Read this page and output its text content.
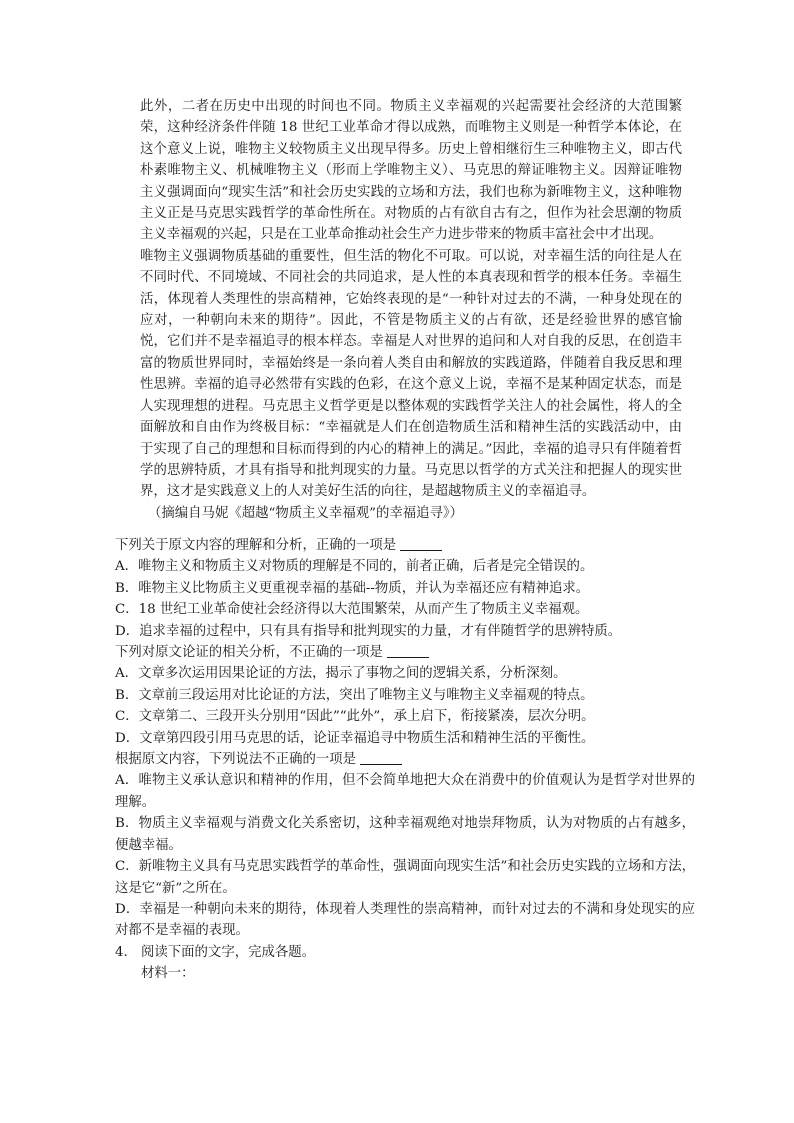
此外，二者在历史中出现的时间也不同。物质主义幸福观的兴起需要社会经济的大范围繁荣，这种经济条件伴随 18 世纪工业革命才得以成熟，而唯物主义则是一种哲学本体论，在这个意义上说，唯物主义较物质主义出现早得多。历史上曾相继衍生三种唯物主义，即古代朴素唯物主义、机械唯物主义（形而上学唯物主义）、马克思的辩证唯物主义。因辩证唯物主义强调面向“现实生活”和社会历史实践的立场和方法，我们也称为新唯物主义，这种唯物主义正是马克思实践哲学的革命性所在。对物质的占有欲自古有之，但作为社会思潮的物质主义幸福观的兴起，只是在工业革命推动社会生产力进步带来的物质丰富社会中才出现。

唯物主义强调物质基础的重要性，但生活的物化不可取。可以说，对幸福生活的向往是人在不同时代、不同境域、不同社会的共同追求，是人性的本真表现和哲学的根本任务。幸福生活，体现着人类理性的崇高精神，它始终表现的是“一种针对过去的不满，一种身处现在的应对，一种朝向未来的期待”。因此，不管是物质主义的占有欲，还是经验世界的感官愉悦，它们并不是幸福追寻的根本样态。幸福是人对世界的追问和人对自我的反思，在创造丰富的物质世界同时，幸福始终是一条向着人类自由和解放的实践道路，伴随着自我反思和理性思辨。幸福的追寻必然带有实践的色彩，在这个意义上说，幸福不是某种固定状态，而是人实现理想的进程。马克思主义哲学更是以整体观的实践哲学关注人的社会属性，将人的全面解放和自由作为终极目标：“幸福就是人们在创造物质生活和精神生活的实践活动中，由于实现了自己的理想和目标而得到的内心的精神上的满足。”因此，幸福的追寻只有伴随着哲学的思辨特质，才具有指导和批判现实的力量。马克思以哲学的方式关注和把握人的现实世界，这才是实践意义上的人对美好生活的向往，是超越物质主义的幸福追寻。

（摘编自马妮《超越“物质主义幸福观”的幸福追寻》）

下列关于原文内容的理解和分析，正确的一项是

A．唯物主义和物质主义对物质的理解是不同的，前者正确，后者是完全错误的。

B．唯物主义比物质主义更重视幸福的基础--物质，并认为幸福还应有精神追求。

C．18 世纪工业革命使社会经济得以大范围繁荣，从而产生了物质主义幸福观。

D．追求幸福的过程中，只有具有指导和批判现实的力量，才有伴随哲学的思辨特质。

下列对原文论证的相关分析，不正确的一项是

A．文章多次运用因果论证的方法，揭示了事物之间的逻辑关系，分析深刻。

B．文章前三段运用对比论证的方法，突出了唯物主义与唯物主义幸福观的特点。

C．文章第二、三段开头分别用“因此”“此外”，承上启下，衔接紧凑，层次分明。

D．文章第四段引用马克思的话，论证幸福追寻中物质生活和精神生活的平衡性。

根据原文内容，下列说法不正确的一项是

A．唯物主义承认意识和精神的作用，但不会简单地把大众在消费中的价值观认为是哲学对世界的理解。

B．物质主义幸福观与消费文化关系密切，这种幸福观绝对地崇拜物质，认为对物质的占有越多，便越幸福。

C．新唯物主义具有马克思实践哲学的革命性，强调面向现实生活”和社会历史实践的立场和方法，这是它“新”之所在。

D．幸福是一种朝向未来的期待，体现着人类理性的崇高精神，而针对过去的不满和身处现实的应对都不是幸福的表现。

4. 阅读下面的文字，完成各题。

材料一：
